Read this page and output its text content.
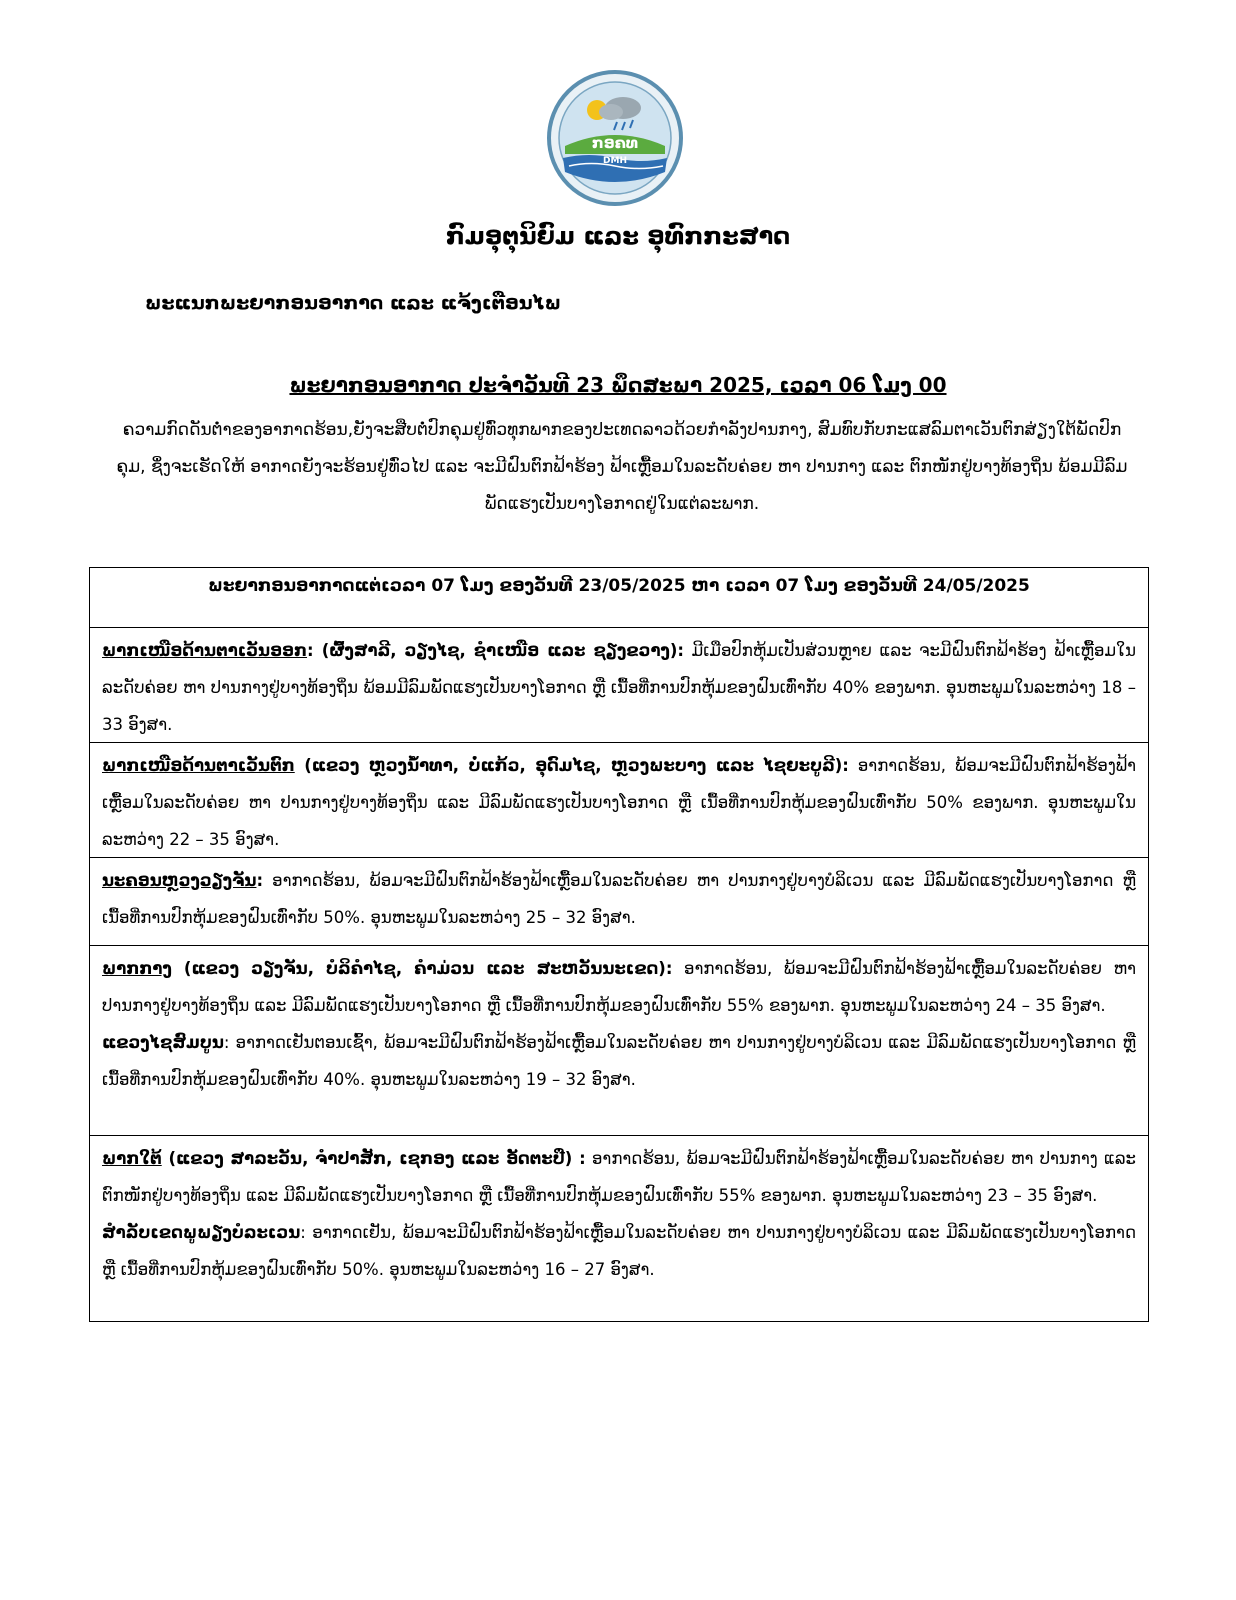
ກອຄທ
DMH
ກົມອຸຕຸນິຍົມ ແລະ ອຸທົກກະສາດ
ພະແນກພະຍາກອນອາກາດ ແລະ ແຈ້ງເຕືອນໄພ
ພະຍາກອນອາກາດ ປະຈຳວັນທີ 23 ພຶດສະພາ 2025, ເວລາ 06 ໂມງ 00
ຄວາມກົດດັນຕ່ຳຂອງອາກາດຮ້ອນ,ຍັງຈະສືບຕໍ່ປົກຄຸມຢູ່ທົ່ວທຸກພາກຂອງປະເທດລາວດ້ວຍກຳລັງປານກາງ, ສົມທົບກັບກະແສລົມຕາເວັນຕົກສ່ຽງໃຕ້ພັດປົກຄຸມ, ຊຶ່ງຈະເຮັດໃຫ້ ອາກາດຍັງຈະຮ້ອນຢູ່ທົ່ວໄປ ແລະ ຈະມີຝົນຕົກຟ້າຮ້ອງ ຟ້າເຫຼື້ອມໃນລະດັບຄ່ອຍ ຫາ ປານກາງ ແລະ ຕົກໜັກຢູ່ບາງທ້ອງຖິ່ນ ພ້ອມມີລົມພັດແຮງເປັນບາງໂອກາດຢູ່ໃນແຕ່ລະພາກ.
ພະຍາກອນອາກາດແຕ່ເວລາ 07 ໂມງ ຂອງວັນທີ 23/05/2025 ຫາ ເວລາ 07 ໂມງ ຂອງວັນທີ 24/05/2025
ພາກເໜືອດ້ານຕາເວັນອອກ: (ຜົ້ງສາລີ, ວຽງໄຊ, ຊຳເໜືອ ແລະ ຊຽງຂວາງ): ມີເມືອປົກຫຸ້ມເປັນສ່ວນຫຼາຍ ແລະ ຈະມີຝົນຕົກຟ້າຮ້ອງ ຟ້າເຫຼື້ອມໃນລະດັບຄ່ອຍ ຫາ ປານກາງຢູ່ບາງທ້ອງຖິ່ນ ພ້ອມມີລົມພັດແຮງເປັນບາງໂອກາດ ຫຼື ເນື້ອທີ່ການປົກຫຸ້ມຂອງຝົນເທົ່າກັບ 40% ຂອງພາກ. ອຸນຫະພູມໃນລະຫວ່າງ 18 – 33 ອົງສາ.
ພາກເໜືອດ້ານຕາເວັນຕົກ (ແຂວງ ຫຼວງນ້ຳທາ, ບໍ່ແກ້ວ, ອຸດົມໄຊ, ຫຼວງພະບາງ ແລະ ໄຊຍະບູລີ): ອາກາດຮ້ອນ, ພ້ອມຈະມີຝົນຕົກຟ້າຮ້ອງຟ້າເຫຼື້ອມໃນລະດັບຄ່ອຍ ຫາ ປານກາງຢູ່ບາງທ້ອງຖິ່ນ ແລະ ມີລົມພັດແຮງເປັນບາງໂອກາດ ຫຼື ເນື້ອທີ່ການປົກຫຸ້ມຂອງຝົນເທົ່າກັບ 50% ຂອງພາກ. ອຸນຫະພູມໃນລະຫວ່າງ 22 – 35 ອົງສາ.
ນະຄອນຫຼວງວຽງຈັນ: ອາກາດຮ້ອນ, ພ້ອມຈະມີຝົນຕົກຟ້າຮ້ອງຟ້າເຫຼື້ອມໃນລະດັບຄ່ອຍ ຫາ ປານກາງຢູ່ບາງບໍລິເວນ ແລະ ມີລົມພັດແຮງເປັນບາງໂອກາດ ຫຼື ເນື້ອທີ່ການປົກຫຸ້ມຂອງຝົນເທົ່າກັບ 50%. ອຸນຫະພູມໃນລະຫວ່າງ 25 – 32 ອົງສາ.
ພາກກາງ (ແຂວງ ວຽງຈັນ, ບໍລິຄຳໄຊ, ຄຳມ່ວນ ແລະ ສະຫວັນນະເຂດ): ອາກາດຮ້ອນ, ພ້ອມຈະມີຝົນຕົກຟ້າຮ້ອງຟ້າເຫຼື້ອມໃນລະດັບຄ່ອຍ ຫາ ປານກາງຢູ່ບາງທ້ອງຖິ່ນ ແລະ ມີລົມພັດແຮງເປັນບາງໂອກາດ ຫຼື ເນື້ອທີ່ການປົກຫຸ້ມຂອງຝົນເທົ່າກັບ 55% ຂອງພາກ. ອຸນຫະພູມໃນລະຫວ່າງ 24 – 35 ອົງສາ.
ແຂວງໄຊສົມບູນ: ອາກາດເຢັນຕອນເຊົ້າ, ພ້ອມຈະມີຝົນຕົກຟ້າຮ້ອງຟ້າເຫຼື້ອມໃນລະດັບຄ່ອຍ ຫາ ປານກາງຢູ່ບາງບໍລິເວນ ແລະ ມີລົມພັດແຮງເປັນບາງໂອກາດ ຫຼື ເນື້ອທີ່ການປົກຫຸ້ມຂອງຝົນເທົ່າກັບ 40%. ອຸນຫະພູມໃນລະຫວ່າງ 19 – 32 ອົງສາ.
ພາກໃຕ້ (ແຂວງ ສາລະວັນ, ຈຳປາສັກ, ເຊກອງ ແລະ ອັດຕະປື) : ອາກາດຮ້ອນ, ພ້ອມຈະມີຝົນຕົກຟ້າຮ້ອງຟ້າເຫຼື້ອມໃນລະດັບຄ່ອຍ ຫາ ປານກາງ ແລະ ຕົກໜັກຢູ່ບາງທ້ອງຖິ່ນ ແລະ ມີລົມພັດແຮງເປັນບາງໂອກາດ ຫຼື ເນື້ອທີ່ການປົກຫຸ້ມຂອງຝົນເທົ່າກັບ 55% ຂອງພາກ. ອຸນຫະພູມໃນລະຫວ່າງ 23 – 35 ອົງສາ.
ສຳລັບເຂດພູພຽງບໍລະເວນ: ອາກາດເຢັນ, ພ້ອມຈະມີຝົນຕົກຟ້າຮ້ອງຟ້າເຫຼື້ອມໃນລະດັບຄ່ອຍ ຫາ ປານກາງຢູ່ບາງບໍລິເວນ ແລະ ມີລົມພັດແຮງເປັນບາງໂອກາດ ຫຼື ເນື້ອທີ່ການປົກຫຸ້ມຂອງຝົນເທົ່າກັບ 50%. ອຸນຫະພູມໃນລະຫວ່າງ 16 – 27 ອົງສາ.
